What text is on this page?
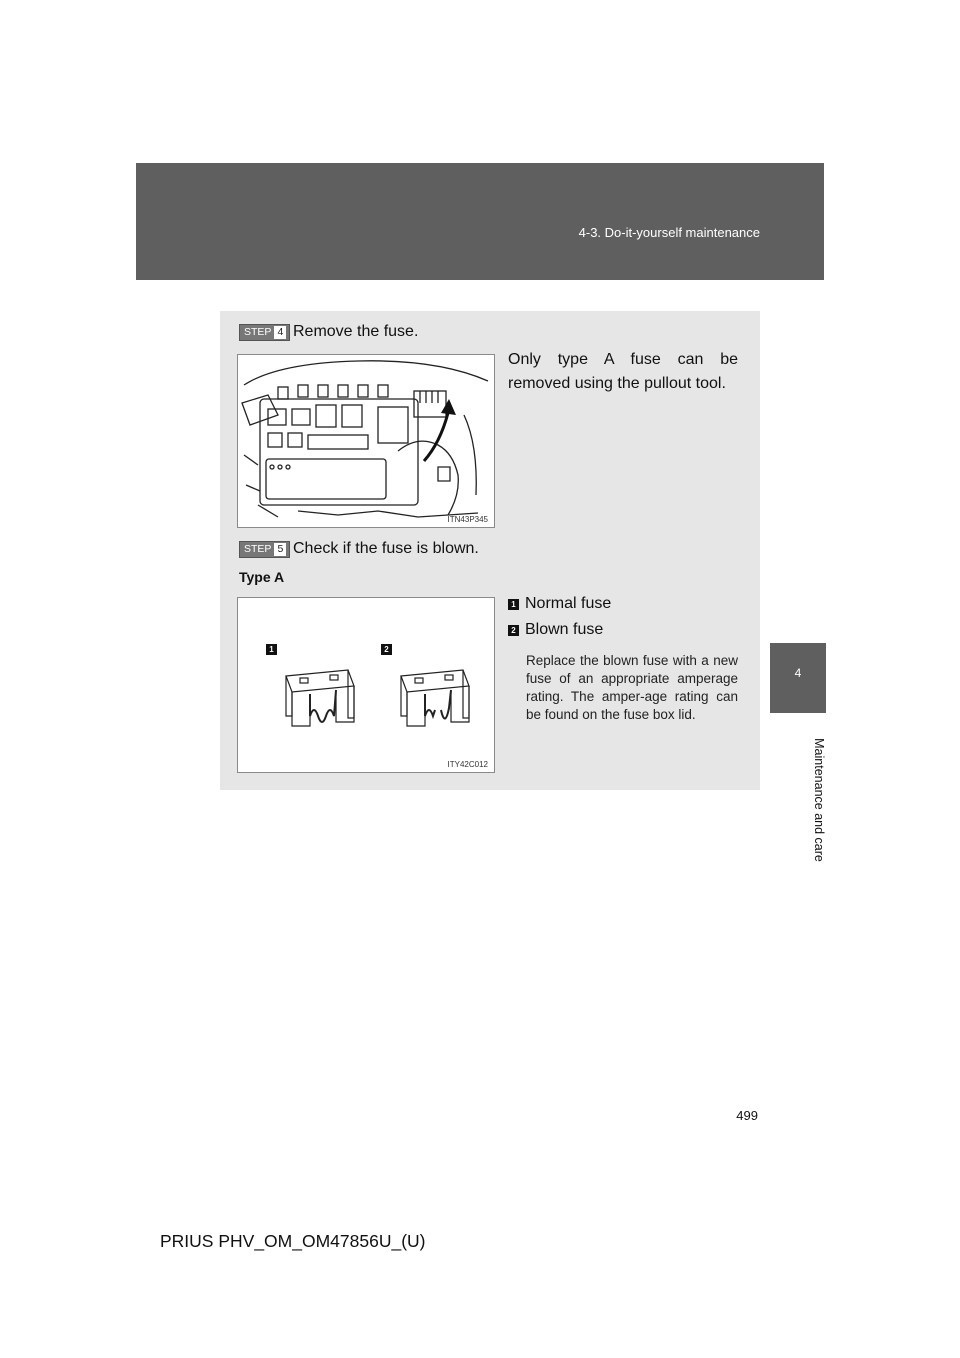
4-3. Do-it-yourself maintenance
4
Maintenance and care
STEP 4 Remove the fuse.
ITN43P345
Only type A fuse can be removed using the pullout tool.
STEP 5 Check if the fuse is blown.
Type A
1	2
ITY42C012
1 Normal fuse
2 Blown fuse
Replace the blown fuse with a new fuse of an appropriate amperage rating. The amper-age rating can be found on the fuse box lid.
499
PRIUS PHV_OM_OM47856U_(U)
